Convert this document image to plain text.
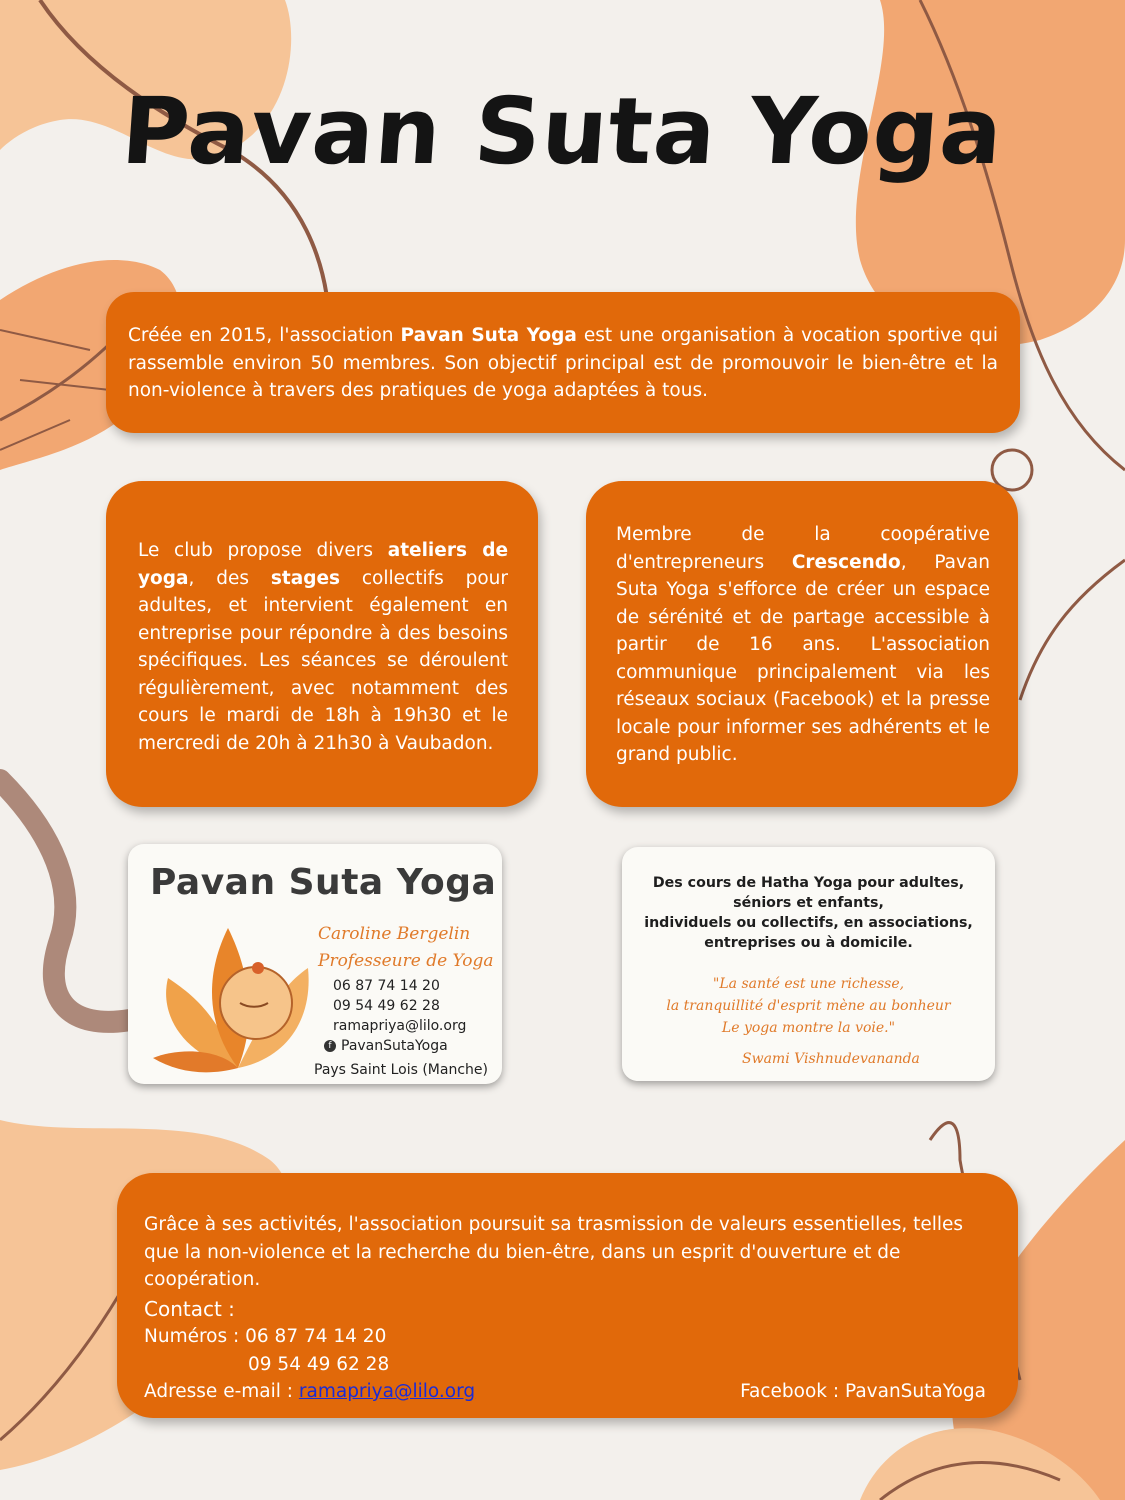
Pavan Suta Yoga
Créée en 2015, l'association Pavan Suta Yoga est une organisation à vocation sportive qui rassemble environ 50 membres. Son objectif principal est de promouvoir le bien-être et la non-violence à travers des pratiques de yoga adaptées à tous.
Le club propose divers ateliers de yoga, des stages collectifs pour adultes, et intervient également en entreprise pour répondre à des besoins spécifiques. Les séances se déroulent régulièrement, avec notamment des cours le mardi de 18h à 19h30 et le mercredi de 20h à 21h30 à Vaubadon.
Membre de la coopérative d'entrepreneurs Crescendo, Pavan Suta Yoga s'efforce de créer un espace de sérénité et de partage accessible à partir de 16 ans. L'association communique principalement via les réseaux sociaux (Facebook) et la presse locale pour informer ses adhérents et le grand public.
Pavan Suta Yoga
Caroline Bergelin
Professeure de Yoga
06 87 74 14 20
09 54 49 62 28
ramapriya@lilo.org
f PavanSutaYoga
Pays Saint Lois (Manche)
Des cours de Hatha Yoga pour adultes,
séniors et enfants,
individuels ou collectifs, en associations,
entreprises ou à domicile.
"La santé est une richesse,
la tranquillité d'esprit mène au bonheur
Le yoga montre la voie."
Swami Vishnudevananda
Grâce à ses activités, l'association poursuit sa trasmission de valeurs essentielles, telles que la non-violence et la recherche du bien-être, dans un esprit d'ouverture et de coopération.
Contact :
Numéros : 06 87 74 14 20
09 54 49 62 28
Adresse e-mail : ramapriya@lilo.org	Facebook : PavanSutaYoga
